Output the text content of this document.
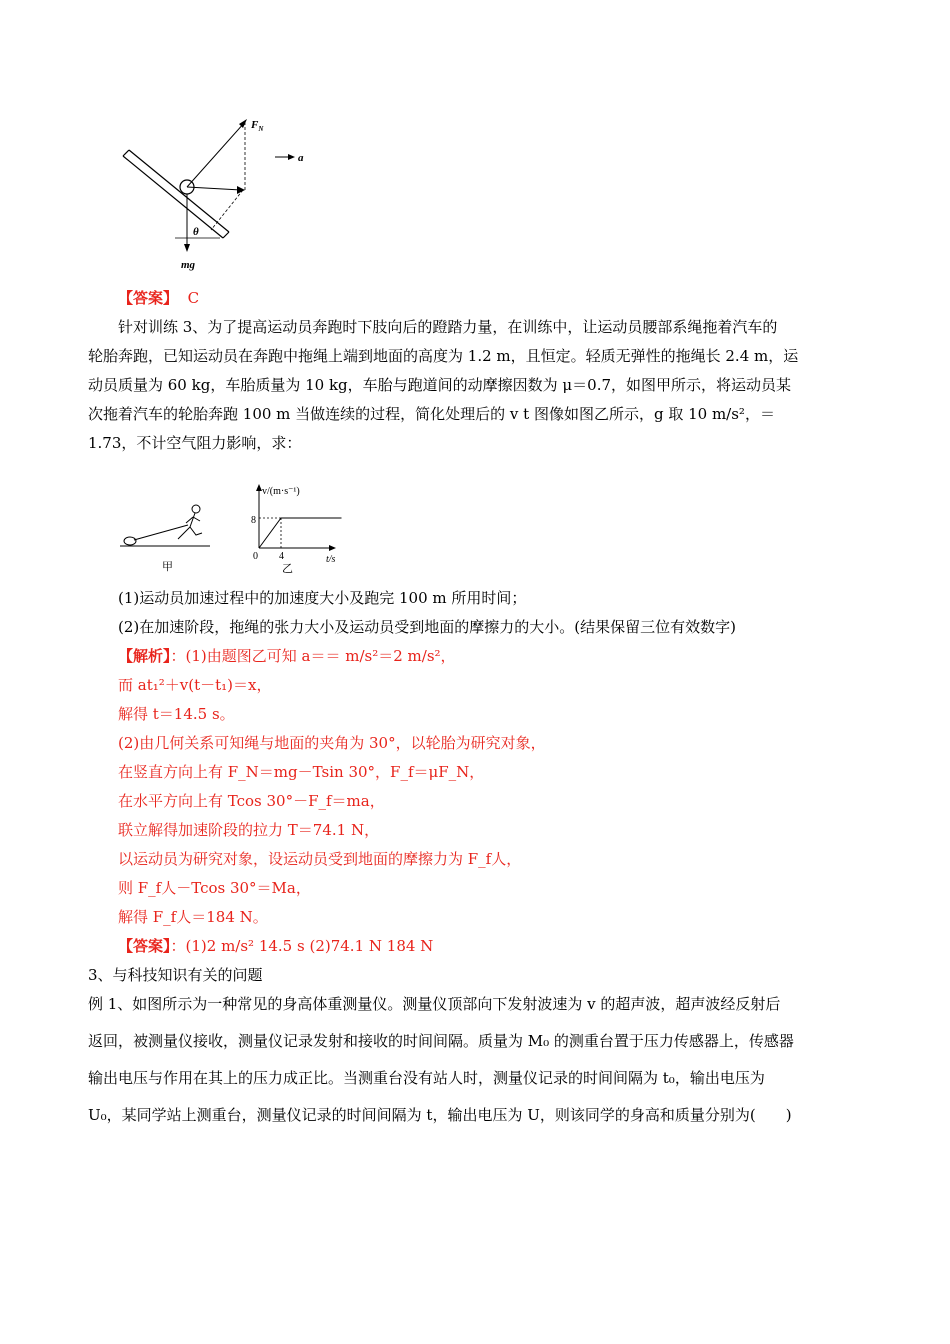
$F_N$
a
θ
mg
【答案】 C
针对训练 3、为了提高运动员奔跑时下肢向后的蹬踏力量，在训练中，让运动员腰部系绳拖着汽车的
轮胎奔跑，已知运动员在奔跑中拖绳上端到地面的高度为 1.2 m，且恒定。轻质无弹性的拖绳长 2.4 m，运
动员质量为 60 kg，车胎质量为 10 kg，车胎与跑道间的动摩擦因数为 μ＝0.7，如图甲所示，将运动员某
次拖着汽车的轮胎奔跑 100 m 当做连续的过程，简化处理后的 v t 图像如图乙所示，g 取 10 m/s²，＝
1.73，不计空气阻力影响，求：
甲
v/(m·s⁻¹)
t/s
8
4
0
乙
(1)运动员加速过程中的加速度大小及跑完 100 m 所用时间；
(2)在加速阶段，拖绳的张力大小及运动员受到地面的摩擦力的大小。(结果保留三位有效数字)
【解析】：(1)由题图乙可知 a＝＝ m/s²＝2 m/s²，
而 at₁²＋v(t－t₁)＝x，
解得 t＝14.5 s。
(2)由几何关系可知绳与地面的夹角为 30°，以轮胎为研究对象，
在竖直方向上有 F_N＝mg－Tsin 30°，F_f＝μF_N，
在水平方向上有 Tcos 30°－F_f＝ma，
联立解得加速阶段的拉力 T＝74.1 N，
以运动员为研究对象，设运动员受到地面的摩擦力为 F_f人，
则 F_f人－Tcos 30°＝Ma，
解得 F_f人＝184 N。
【答案】：(1)2 m/s² 14.5 s (2)74.1 N 184 N
3、与科技知识有关的问题
例 1、如图所示为一种常见的身高体重测量仪。测量仪顶部向下发射波速为 v 的超声波，超声波经反射后
返回，被测量仪接收，测量仪记录发射和接收的时间间隔。质量为 M₀ 的测重台置于压力传感器上，传感器
输出电压与作用在其上的压力成正比。当测重台没有站人时，测量仪记录的时间间隔为 t₀，输出电压为
U₀，某同学站上测重台，测量仪记录的时间间隔为 t，输出电压为 U，则该同学的身高和质量分别为(　　)
